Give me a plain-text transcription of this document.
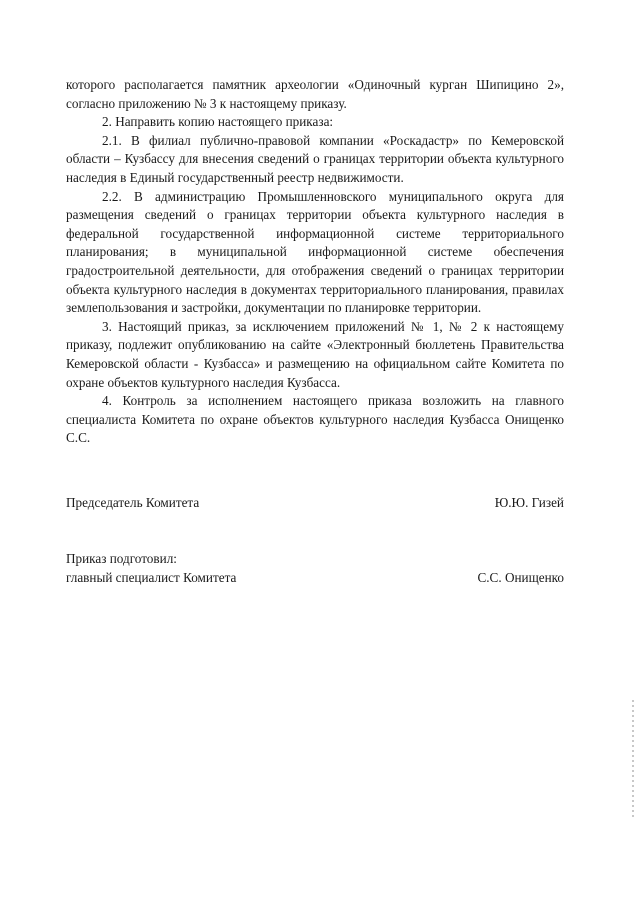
которого располагается памятник археологии «Одиночный курган Шипицино 2», согласно приложению № 3 к настоящему приказу.

2. Направить копию настоящего приказа:

2.1. В филиал публично-правовой компании «Роскадастр» по Кемеровской области – Кузбассу для внесения сведений о границах территории объекта культурного наследия в Единый государственный реестр недвижимости.

2.2. В администрацию Промышленновского муниципального округа для размещения сведений о границах территории объекта культурного наследия в федеральной государственной информационной системе территориального планирования; в муниципальной информационной системе обеспечения градостроительной деятельности, для отображения сведений о границах территории объекта культурного наследия в документах территориального планирования, правилах землепользования и застройки, документации по планировке территории.

3. Настоящий приказ, за исключением приложений № 1, № 2 к настоящему приказу, подлежит опубликованию на сайте «Электронный бюллетень Правительства Кемеровской области - Кузбасса» и размещению на официальном сайте Комитета по охране объектов культурного наследия Кузбасса.

4. Контроль за исполнением настоящего приказа возложить на главного специалиста Комитета по охране объектов культурного наследия Кузбасса Онищенко С.С.

Председатель Комитета	Ю.Ю. Гизей
Приказ подготовил:
главный специалист Комитета	С.С. Онищенко
